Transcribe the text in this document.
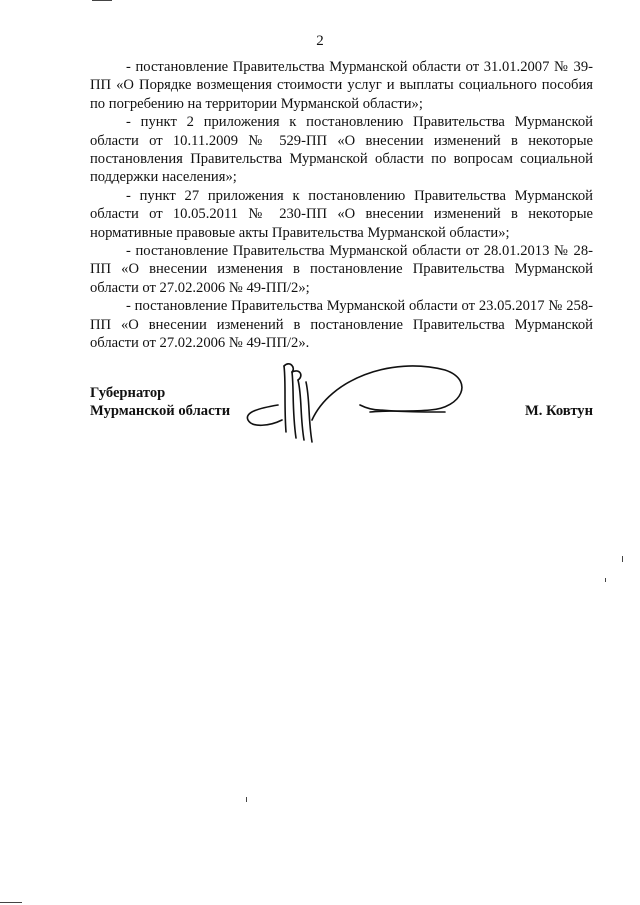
2

- постановление Правительства Мурманской области от 31.01.2007 № 39-ПП «О Порядке возмещения стоимости услуг и выплаты социального пособия по погребению на территории Мурманской области»;

- пункт 2 приложения к постановлению Правительства Мурманской области от 10.11.2009 № 529-ПП «О внесении изменений в некоторые постановления Правительства Мурманской области по вопросам социальной поддержки населения»;

- пункт 27 приложения к постановлению Правительства Мурманской области от 10.05.2011 № 230-ПП «О внесении изменений в некоторые нормативные правовые акты Правительства Мурманской области»;

- постановление Правительства Мурманской области от 28.01.2013 № 28-ПП «О внесении изменения в постановление Правительства Мурманской области от 27.02.2006 № 49-ПП/2»;

- постановление Правительства Мурманской области от 23.05.2017 № 258-ПП «О внесении изменений в постановление Правительства Мурманской области от 27.02.2006 № 49-ПП/2».

Губернатор
Мурманской области	М. Ковтун
